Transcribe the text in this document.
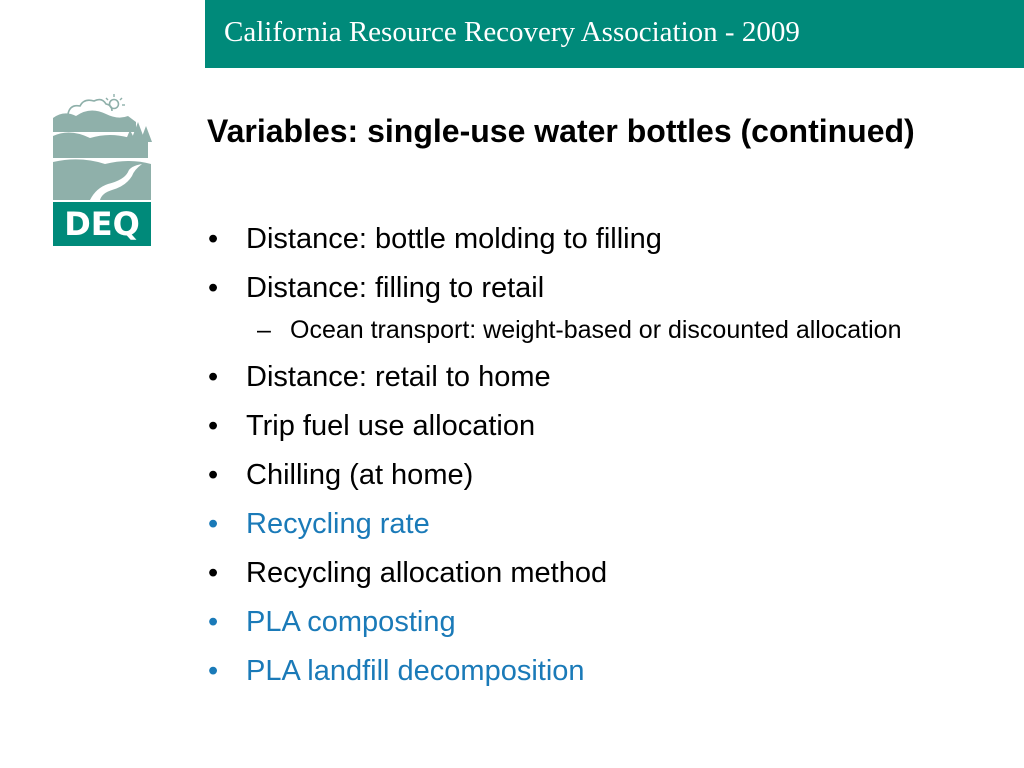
California Resource Recovery Association - 2009
DEQ
Variables: single-use water bottles (continued)
• Distance: bottle molding to filling
• Distance: filling to retail
– Ocean transport: weight-based or discounted allocation
• Distance: retail to home
• Trip fuel use allocation
• Chilling (at home)
• Recycling rate
• Recycling allocation method
• PLA composting
• PLA landfill decomposition
